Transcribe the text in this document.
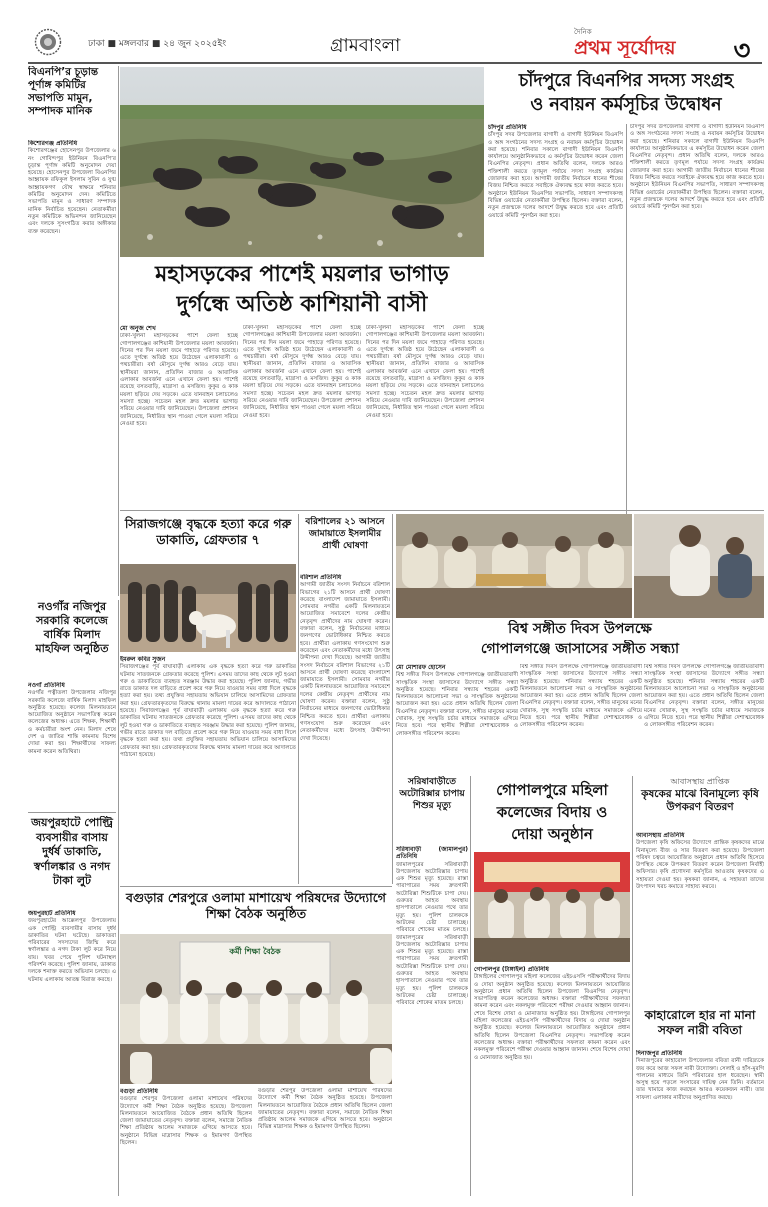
ঢাকা ■ মঙ্গলবার ■ ২৪ জুন ২০২৫ইং	গ্রামবাংলা
দৈনিক
প্রথম সূর্যোদয়	৩
বিএনপি’র চূড়ান্ত পূর্ণাঙ্গ কমিটির সভাপতি মামুন, সম্পাদক মানিক
কিশোরগঞ্জ প্রতিনিধি
কিশোরগঞ্জের হোসেনপুর উপজেলার ৬ নং গোবিন্দপুর ইউনিয়ন বিএনপি’র চূড়ান্ত পূর্ণাঙ্গ কমিটি অনুমোদন দেয়া হয়েছে। হোসেনপুর উপজেলা বিএনপির আহ্বায়ক রফিকুল ইসলাম সুবিন ও যুগ্ম আহ্বায়কগণ যৌথ স্বাক্ষরে শনিবার কমিটির অনুমোদন দেন। কমিটিতে সভাপতি মামুন ও সাধারণ সম্পাদক মানিক নির্বাচিত হয়েছেন। নেতাকর্মীরা নতুন কমিটিকে অভিনন্দন জানিয়েছেন এবং দলকে সুসংগঠিত করার অঙ্গীকার ব্যক্ত করেছেন।
চাঁদপুরে বিএনপির সদস্য সংগ্রহ
ও নবায়ন কর্মসূচির উদ্বোধন
চাঁদপুর প্রতিনিধি
চাঁদপুর সদর উপজেলার বাগাদী ও বাগাদী ইউনিয়ন বিএনপি ও অঙ্গ সংগঠনের সদস্য সংগ্রহ ও নবায়ন কর্মসূচির উদ্বোধন করা হয়েছে। শনিবার সকালে বাগাদী ইউনিয়ন বিএনপি কার্যালয়ে আনুষ্ঠানিকভাবে এ কর্মসূচির উদ্বোধন করেন জেলা বিএনপির নেতৃবৃন্দ। প্রধান অতিথি বলেন, দলকে আরও শক্তিশালী করতে তৃণমূল পর্যায়ে সদস্য সংগ্রহ কার্যক্রম জোরদার করা হবে। আগামী জাতীয় নির্বাচনে ধানের শীষের বিজয় নিশ্চিত করতে সবাইকে ঐক্যবদ্ধ হয়ে কাজ করতে হবে। অনুষ্ঠানে ইউনিয়ন বিএনপির সভাপতি, সাধারণ সম্পাদকসহ বিভিন্ন ওয়ার্ডের নেতাকর্মীরা উপস্থিত ছিলেন। বক্তারা বলেন, নতুন প্রজন্মকে দলের আদর্শে উদ্বুদ্ধ করতে হবে এবং প্রতিটি ওয়ার্ডে কমিটি পুনর্গঠন করা হবে।
চাঁদপুর সদর উপজেলার বাগাদী ও বাগাদী ইউনিয়ন বিএনপি ও অঙ্গ সংগঠনের সদস্য সংগ্রহ ও নবায়ন কর্মসূচির উদ্বোধন করা হয়েছে। শনিবার সকালে বাগাদী ইউনিয়ন বিএনপি কার্যালয়ে আনুষ্ঠানিকভাবে এ কর্মসূচির উদ্বোধন করেন জেলা বিএনপির নেতৃবৃন্দ। প্রধান অতিথি বলেন, দলকে আরও শক্তিশালী করতে তৃণমূল পর্যায়ে সদস্য সংগ্রহ কার্যক্রম জোরদার করা হবে। আগামী জাতীয় নির্বাচনে ধানের শীষের বিজয় নিশ্চিত করতে সবাইকে ঐক্যবদ্ধ হয়ে কাজ করতে হবে। অনুষ্ঠানে ইউনিয়ন বিএনপির সভাপতি, সাধারণ সম্পাদকসহ বিভিন্ন ওয়ার্ডের নেতাকর্মীরা উপস্থিত ছিলেন। বক্তারা বলেন, নতুন প্রজন্মকে দলের আদর্শে উদ্বুদ্ধ করতে হবে এবং প্রতিটি ওয়ার্ডে কমিটি পুনর্গঠন করা হবে।
মহাসড়কের পাশেই ময়লার ভাগাড়
দুর্গন্ধে অতিষ্ঠ কাশিয়ানী বাসী
মো অনুজ শেখ
ঢাকা-খুলনা মহাসড়কের পাশে ফেলা হচ্ছে গোপালগঞ্জের কাশিয়ানী উপজেলার ময়লা আবর্জনা। দিনের পর দিন ময়লা জমে পাহাড়ে পরিণত হয়েছে। এতে দুর্গন্ধে অতিষ্ঠ হয়ে উঠেছেন এলাকাবাসী ও পথচারীরা। বর্ষা মৌসুমে দুর্গন্ধ আরও বেড়ে যায়। স্থানীয়রা জানান, প্রতিদিন বাজার ও আবাসিক এলাকার আবর্জনা এনে এখানে ফেলা হয়। পাশেই রয়েছে বসতবাড়ি, মাদ্রাসা ও মসজিদ। কুকুর ও কাক ময়লা ছড়িয়ে দেয় সড়কে। এতে যানবাহন চলাচলেও সমস্যা হচ্ছে। সচেতন মহল দ্রুত ময়লার ভাগাড় সরিয়ে নেওয়ার দাবি জানিয়েছেন। উপজেলা প্রশাসন জানিয়েছে, নির্ধারিত স্থান পাওয়া গেলে ময়লা সরিয়ে নেওয়া হবে।
ঢাকা-খুলনা মহাসড়কের পাশে ফেলা হচ্ছে গোপালগঞ্জের কাশিয়ানী উপজেলার ময়লা আবর্জনা। দিনের পর দিন ময়লা জমে পাহাড়ে পরিণত হয়েছে। এতে দুর্গন্ধে অতিষ্ঠ হয়ে উঠেছেন এলাকাবাসী ও পথচারীরা। বর্ষা মৌসুমে দুর্গন্ধ আরও বেড়ে যায়। স্থানীয়রা জানান, প্রতিদিন বাজার ও আবাসিক এলাকার আবর্জনা এনে এখানে ফেলা হয়। পাশেই রয়েছে বসতবাড়ি, মাদ্রাসা ও মসজিদ। কুকুর ও কাক ময়লা ছড়িয়ে দেয় সড়কে। এতে যানবাহন চলাচলেও সমস্যা হচ্ছে। সচেতন মহল দ্রুত ময়লার ভাগাড় সরিয়ে নেওয়ার দাবি জানিয়েছেন। উপজেলা প্রশাসন জানিয়েছে, নির্ধারিত স্থান পাওয়া গেলে ময়লা সরিয়ে নেওয়া হবে।
ঢাকা-খুলনা মহাসড়কের পাশে ফেলা হচ্ছে গোপালগঞ্জের কাশিয়ানী উপজেলার ময়লা আবর্জনা। দিনের পর দিন ময়লা জমে পাহাড়ে পরিণত হয়েছে। এতে দুর্গন্ধে অতিষ্ঠ হয়ে উঠেছেন এলাকাবাসী ও পথচারীরা। বর্ষা মৌসুমে দুর্গন্ধ আরও বেড়ে যায়। স্থানীয়রা জানান, প্রতিদিন বাজার ও আবাসিক এলাকার আবর্জনা এনে এখানে ফেলা হয়। পাশেই রয়েছে বসতবাড়ি, মাদ্রাসা ও মসজিদ। কুকুর ও কাক ময়লা ছড়িয়ে দেয় সড়কে। এতে যানবাহন চলাচলেও সমস্যা হচ্ছে। সচেতন মহল দ্রুত ময়লার ভাগাড় সরিয়ে নেওয়ার দাবি জানিয়েছেন। উপজেলা প্রশাসন জানিয়েছে, নির্ধারিত স্থান পাওয়া গেলে ময়লা সরিয়ে নেওয়া হবে।
নওগাঁর নজিপুর সরকারি কলেজে বার্ষিক মিলাদ মাহফিল অনুষ্ঠিত
নওগাঁ প্রতিনিধি
নওগাঁর পত্নীতলা উপজেলার নজিপুর সরকারি কলেজে বার্ষিক মিলাদ মাহফিল অনুষ্ঠিত হয়েছে। কলেজ মিলনায়তনে আয়োজিত অনুষ্ঠানে সভাপতিত্ব করেন কলেজের অধ্যক্ষ। এতে শিক্ষক, শিক্ষার্থী ও কর্মচারীরা অংশ নেন। মিলাদ শেষে দেশ ও জাতির শান্তি কামনায় বিশেষ দোয়া করা হয়। শিক্ষার্থীদের সাফল্য কামনা করেন অতিথিরা।
জয়পুরহাটে পোল্ট্রি ব্যবসায়ীর বাসায় দুর্ধর্ষ ডাকাতি, স্বর্ণালঙ্কার ও নগদ টাকা লুট
জয়পুরহাট প্রতিনিধি
জয়পুরহাটের আক্কেলপুর উপজেলায় এক পোল্ট্রি ব্যবসায়ীর বাসায় দুর্ধর্ষ ডাকাতির ঘটনা ঘটেছে। ডাকাতরা পরিবারের সদস্যদের জিম্মি করে স্বর্ণালঙ্কার ও নগদ টাকা লুট করে নিয়ে যায়। খবর পেয়ে পুলিশ ঘটনাস্থল পরিদর্শন করেছে। পুলিশ জানায়, ডাকাত দলকে শনাক্ত করতে অভিযান চলছে। এ ঘটনায় এলাকায় আতঙ্ক বিরাজ করছে।
সিরাজগঞ্জে বৃদ্ধকে হত্যা করে গরু ডাকাতি, গ্রেফতার ৭
ইমরুল কবির সুজন
সিরাজগঞ্জের পূর্ব বাঘাবাড়ী এলাকায় এক বৃদ্ধকে হত্যা করে গরু ডাকাতির ঘটনায় সাতজনকে গ্রেফতার করেছে পুলিশ। এসময় তাদের কাছ থেকে লুট হওয়া গরু ও ডাকাতিতে ব্যবহৃত সরঞ্জাম উদ্ধার করা হয়েছে। পুলিশ জানায়, গভীর রাতে ডাকাত দল বাড়িতে প্রবেশ করে গরু নিয়ে যাওয়ার সময় বাধা দিলে বৃদ্ধকে হত্যা করা হয়। তথ্য প্রযুক্তির সহায়তায় অভিযান চালিয়ে আসামিদের গ্রেফতার করা হয়। গ্রেফতারকৃতদের বিরুদ্ধে থানায় মামলা দায়ের করে আদালতে পাঠানো হয়েছে। সিরাজগঞ্জের পূর্ব বাঘাবাড়ী এলাকায় এক বৃদ্ধকে হত্যা করে গরু ডাকাতির ঘটনায় সাতজনকে গ্রেফতার করেছে পুলিশ। এসময় তাদের কাছ থেকে লুট হওয়া গরু ও ডাকাতিতে ব্যবহৃত সরঞ্জাম উদ্ধার করা হয়েছে। পুলিশ জানায়, গভীর রাতে ডাকাত দল বাড়িতে প্রবেশ করে গরু নিয়ে যাওয়ার সময় বাধা দিলে বৃদ্ধকে হত্যা করা হয়। তথ্য প্রযুক্তির সহায়তায় অভিযান চালিয়ে আসামিদের গ্রেফতার করা হয়। গ্রেফতারকৃতদের বিরুদ্ধে থানায় মামলা দায়ের করে আদালতে পাঠানো হয়েছে।
বরিশালের ২১ আসনে জামায়াতে ইসলামীর প্রার্থী ঘোষণা
বরিশাল প্রতিনিধি
আগামী জাতীয় সংসদ নির্বাচনে বরিশাল বিভাগের ২১টি আসনে প্রার্থী ঘোষণা করেছে বাংলাদেশ জামায়াতে ইসলামী। সোমবার নগরীর একটি মিলনায়তনে আয়োজিত সমাবেশে দলের কেন্দ্রীয় নেতৃবৃন্দ প্রার্থীদের নাম ঘোষণা করেন। বক্তারা বলেন, সুষ্ঠু নির্বাচনের মাধ্যমে জনগণের ভোটাধিকার নিশ্চিত করতে হবে। প্রার্থীরা এলাকায় গণসংযোগ শুরু করেছেন এবং নেতাকর্মীদের মধ্যে উৎসাহ উদ্দীপনা দেখা দিয়েছে। আগামী জাতীয় সংসদ নির্বাচনে বরিশাল বিভাগের ২১টি আসনে প্রার্থী ঘোষণা করেছে বাংলাদেশ জামায়াতে ইসলামী। সোমবার নগরীর একটি মিলনায়তনে আয়োজিত সমাবেশে দলের কেন্দ্রীয় নেতৃবৃন্দ প্রার্থীদের নাম ঘোষণা করেন। বক্তারা বলেন, সুষ্ঠু নির্বাচনের মাধ্যমে জনগণের ভোটাধিকার নিশ্চিত করতে হবে। প্রার্থীরা এলাকায় গণসংযোগ শুরু করেছেন এবং নেতাকর্মীদের মধ্যে উৎসাহ উদ্দীপনা দেখা দিয়েছে।
বিশ্ব সঙ্গীত দিবস উপলক্ষে
গোপালগঞ্জে জাসাসের সঙ্গীত সন্ধ্যা
মো মোশারফ হোসেন
বিশ্ব সঙ্গীত দিবস উপলক্ষে গোপালগঞ্জে জাতীয়তাবাদী সাংস্কৃতিক সংস্থা জাসাসের উদ্যোগে সঙ্গীত সন্ধ্যা অনুষ্ঠিত হয়েছে। শনিবার সন্ধ্যায় শহরের একটি মিলনায়তনে আলোচনা সভা ও সাংস্কৃতিক অনুষ্ঠানের আয়োজন করা হয়। এতে প্রধান অতিথি ছিলেন জেলা বিএনপির নেতৃবৃন্দ। বক্তারা বলেন, সঙ্গীত মানুষের মনের খোরাক, সুস্থ সংস্কৃতি চর্চার মাধ্যমে সমাজকে এগিয়ে নিতে হবে। পরে স্থানীয় শিল্পীরা দেশাত্মবোধক ও লোকসঙ্গীত পরিবেশন করেন।
বিশ্ব সঙ্গীত দিবস উপলক্ষে গোপালগঞ্জে জাতীয়তাবাদী সাংস্কৃতিক সংস্থা জাসাসের উদ্যোগে সঙ্গীত সন্ধ্যা অনুষ্ঠিত হয়েছে। শনিবার সন্ধ্যায় শহরের একটি মিলনায়তনে আলোচনা সভা ও সাংস্কৃতিক অনুষ্ঠানের আয়োজন করা হয়। এতে প্রধান অতিথি ছিলেন জেলা বিএনপির নেতৃবৃন্দ। বক্তারা বলেন, সঙ্গীত মানুষের মনের খোরাক, সুস্থ সংস্কৃতি চর্চার মাধ্যমে সমাজকে এগিয়ে নিতে হবে। পরে স্থানীয় শিল্পীরা দেশাত্মবোধক ও লোকসঙ্গীত পরিবেশন করেন।
বিশ্ব সঙ্গীত দিবস উপলক্ষে গোপালগঞ্জে জাতীয়তাবাদী সাংস্কৃতিক সংস্থা জাসাসের উদ্যোগে সঙ্গীত সন্ধ্যা অনুষ্ঠিত হয়েছে। শনিবার সন্ধ্যায় শহরের একটি মিলনায়তনে আলোচনা সভা ও সাংস্কৃতিক অনুষ্ঠানের আয়োজন করা হয়। এতে প্রধান অতিথি ছিলেন জেলা বিএনপির নেতৃবৃন্দ। বক্তারা বলেন, সঙ্গীত মানুষের মনের খোরাক, সুস্থ সংস্কৃতি চর্চার মাধ্যমে সমাজকে এগিয়ে নিতে হবে। পরে স্থানীয় শিল্পীরা দেশাত্মবোধক ও লোকসঙ্গীত পরিবেশন করেন।
আবাসস্থায় প্রাপ্তিক
কৃষকের মাঝে বিনামূল্যে কৃষি উপকরণ বিতরণ
আবাসস্থায় প্রতিনিধি
উপজেলা কৃষি অফিসের উদ্যোগে প্রান্তিক কৃষকদের মাঝে বিনামূল্যে বীজ ও সার বিতরণ করা হয়েছে। উপজেলা পরিষদ চত্বরে আয়োজিত অনুষ্ঠানে প্রধান অতিথি হিসেবে উপস্থিত থেকে উপকরণ বিতরণ করেন উপজেলা নির্বাহী অফিসার। কৃষি প্রণোদনা কর্মসূচির আওতায় কৃষকদের এ সহায়তা দেওয়া হয়। কৃষকরা জানান, এ সহায়তা তাদের উৎপাদন খরচ কমাতে সাহায্য করবে।
কাহারোলে হার না মানা সফল নারী ববিতা
দিনাজপুর প্রতিনিধি
দিনাজপুরের কাহারোল উপজেলার ববিতা রানী দারিদ্র্যকে জয় করে আজ সফল নারী উদ্যোক্তা। সেলাই ও হাঁস-মুরগি পালনের মাধ্যমে তিনি পরিবারের হাল ধরেছেন। স্বামী অসুস্থ হয়ে পড়লে সংসারের দায়িত্ব নেন তিনি। বর্তমানে তার খামারে কাজ করছেন আরও কয়েকজন নারী। তার সাফল্য এলাকার নারীদের অনুপ্রাণিত করছে।
সরিষাবাড়ীতে অটোরিক্সার চাপায় শিশুর মৃত্যু
সরিষাবাড়ী (জামালপুর) প্রতিনিধি
জামালপুরের সরিষাবাড়ী উপজেলায় অটোরিক্সার চাপায় এক শিশুর মৃত্যু হয়েছে। রাস্তা পারাপারের সময় দ্রুতগামী অটোরিক্সা শিশুটিকে চাপা দেয়। গুরুতর আহত অবস্থায় হাসপাতালে নেওয়ার পথে তার মৃত্যু হয়। পুলিশ চালককে আটকের চেষ্টা চালাচ্ছে। পরিবারে শোকের মাতম চলছে। জামালপুরের সরিষাবাড়ী উপজেলায় অটোরিক্সার চাপায় এক শিশুর মৃত্যু হয়েছে। রাস্তা পারাপারের সময় দ্রুতগামী অটোরিক্সা শিশুটিকে চাপা দেয়। গুরুতর আহত অবস্থায় হাসপাতালে নেওয়ার পথে তার মৃত্যু হয়। পুলিশ চালককে আটকের চেষ্টা চালাচ্ছে। পরিবারে শোকের মাতম চলছে।
গোপালপুরে মহিলা
কলেজের বিদায় ও
দোয়া অনুষ্ঠান
গোপালপুর (টাঙ্গাইল) প্রতিনিধি
টাঙ্গাইলের গোপালপুর মহিলা কলেজের এইচএসসি পরীক্ষার্থীদের বিদায় ও দোয়া অনুষ্ঠান অনুষ্ঠিত হয়েছে। কলেজ মিলনায়তনে আয়োজিত অনুষ্ঠানে প্রধান অতিথি ছিলেন উপজেলা বিএনপির নেতৃবৃন্দ। সভাপতিত্ব করেন কলেজের অধ্যক্ষ। বক্তারা পরীক্ষার্থীদের সফলতা কামনা করেন এবং নকলমুক্ত পরিবেশে পরীক্ষা দেওয়ার আহ্বান জানান। শেষে বিশেষ দোয়া ও মোনাজাত অনুষ্ঠিত হয়। টাঙ্গাইলের গোপালপুর মহিলা কলেজের এইচএসসি পরীক্ষার্থীদের বিদায় ও দোয়া অনুষ্ঠান অনুষ্ঠিত হয়েছে। কলেজ মিলনায়তনে আয়োজিত অনুষ্ঠানে প্রধান অতিথি ছিলেন উপজেলা বিএনপির নেতৃবৃন্দ। সভাপতিত্ব করেন কলেজের অধ্যক্ষ। বক্তারা পরীক্ষার্থীদের সফলতা কামনা করেন এবং নকলমুক্ত পরিবেশে পরীক্ষা দেওয়ার আহ্বান জানান। শেষে বিশেষ দোয়া ও মোনাজাত অনুষ্ঠিত হয়।
বগুড়ার শেরপুরে ওলামা মাশায়েখ পরিষদের উদ্যোগে শিক্ষা বৈঠক অনুষ্ঠিত
কর্মী শিক্ষা বৈঠক
বগুড়া প্রতিনিধি
বগুড়ার শেরপুর উপজেলা ওলামা মাশায়েখ পরিষদের উদ্যোগে কর্মী শিক্ষা বৈঠক অনুষ্ঠিত হয়েছে। উপজেলা মিলনায়তনে আয়োজিত বৈঠকে প্রধান অতিথি ছিলেন জেলা জামায়াতের নেতৃবৃন্দ। বক্তারা বলেন, সমাজে নৈতিক শিক্ষা প্রতিষ্ঠায় আলেম সমাজকে এগিয়ে আসতে হবে। অনুষ্ঠানে বিভিন্ন মাদ্রাসার শিক্ষক ও ইমামগণ উপস্থিত ছিলেন।
বগুড়ার শেরপুর উপজেলা ওলামা মাশায়েখ পরিষদের উদ্যোগে কর্মী শিক্ষা বৈঠক অনুষ্ঠিত হয়েছে। উপজেলা মিলনায়তনে আয়োজিত বৈঠকে প্রধান অতিথি ছিলেন জেলা জামায়াতের নেতৃবৃন্দ। বক্তারা বলেন, সমাজে নৈতিক শিক্ষা প্রতিষ্ঠায় আলেম সমাজকে এগিয়ে আসতে হবে। অনুষ্ঠানে বিভিন্ন মাদ্রাসার শিক্ষক ও ইমামগণ উপস্থিত ছিলেন।
